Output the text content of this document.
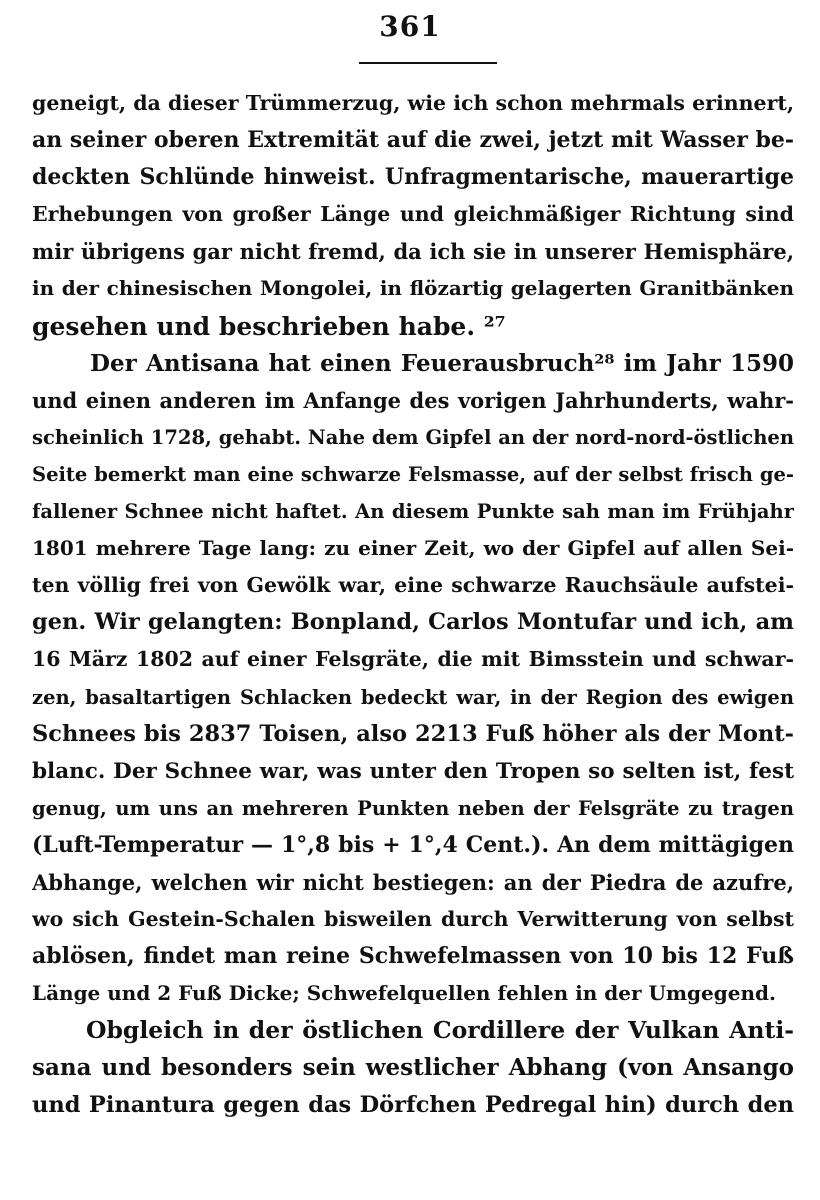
361
geneigt, da dieser Trümmerzug, wie ich schon mehrmals erinnert,
an seiner oberen Extremität auf die zwei, jetzt mit Wasser be-
deckten Schlünde hinweist. Unfragmentarische, mauerartige
Erhebungen von großer Länge und gleichmäßiger Richtung sind
mir übrigens gar nicht fremd, da ich sie in unserer Hemisphäre,
in der chinesischen Mongolei, in flözartig gelagerten Granitbänken
gesehen und beschrieben habe. ²⁷
Der Antisana hat einen Feuerausbruch²⁸ im Jahr 1590
und einen anderen im Anfange des vorigen Jahrhunderts, wahr-
scheinlich 1728, gehabt. Nahe dem Gipfel an der nord-nord-östlichen
Seite bemerkt man eine schwarze Felsmasse, auf der selbst frisch ge-
fallener Schnee nicht haftet. An diesem Punkte sah man im Frühjahr
1801 mehrere Tage lang: zu einer Zeit, wo der Gipfel auf allen Sei-
ten völlig frei von Gewölk war, eine schwarze Rauchsäule aufstei-
gen. Wir gelangten: Bonpland, Carlos Montufar und ich, am
16 März 1802 auf einer Felsgräte, die mit Bimsstein und schwar-
zen, basaltartigen Schlacken bedeckt war, in der Region des ewigen
Schnees bis 2837 Toisen, also 2213 Fuß höher als der Mont-
blanc. Der Schnee war, was unter den Tropen so selten ist, fest
genug, um uns an mehreren Punkten neben der Felsgräte zu tragen
(Luft-Temperatur — 1°,8 bis + 1°,4 Cent.). An dem mittägigen
Abhange, welchen wir nicht bestiegen: an der Piedra de azufre,
wo sich Gestein-Schalen bisweilen durch Verwitterung von selbst
ablösen, findet man reine Schwefelmassen von 10 bis 12 Fuß
Länge und 2 Fuß Dicke; Schwefelquellen fehlen in der Umgegend.
Obgleich in der östlichen Cordillere der Vulkan Anti-
sana und besonders sein westlicher Abhang (von Ansango
und Pinantura gegen das Dörfchen Pedregal hin) durch den
